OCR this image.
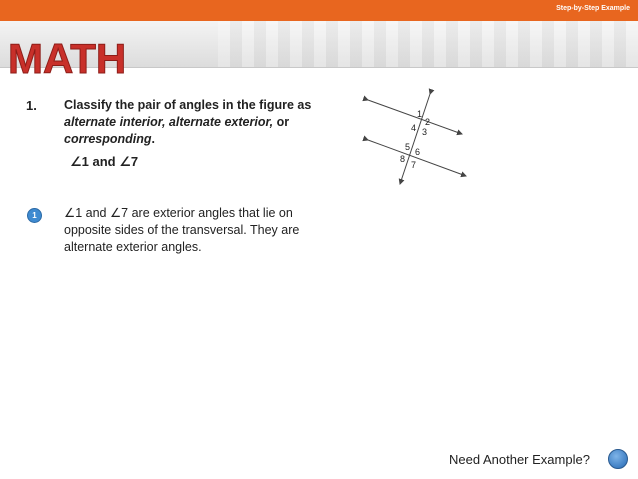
Step-by-Step Example
MATH
1. Classify the pair of angles in the figure as alternate interior, alternate exterior, or corresponding.
∠1 and ∠7
1	∠1 and ∠7 are exterior angles that lie on opposite sides of the transversal. They are alternate exterior angles.
1
2
4 3
5 6
8
7
Need Another Example?
